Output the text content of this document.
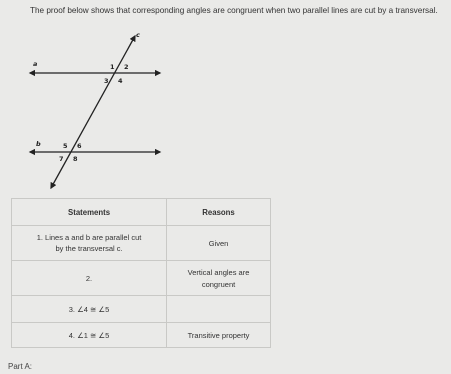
The proof below shows that corresponding angles are congruent when two parallel lines are cut by a transversal.
a
b
c
1 2
3 4
5 6
7 8
Statements	Reasons

1. Lines a and b are parallel cut
by the transversal c.	Given
2.	Vertical angles are
congruent

3. ∠4 ≅ ∠5	
4. ∠1 ≅ ∠5	Transitive property
Part A:
